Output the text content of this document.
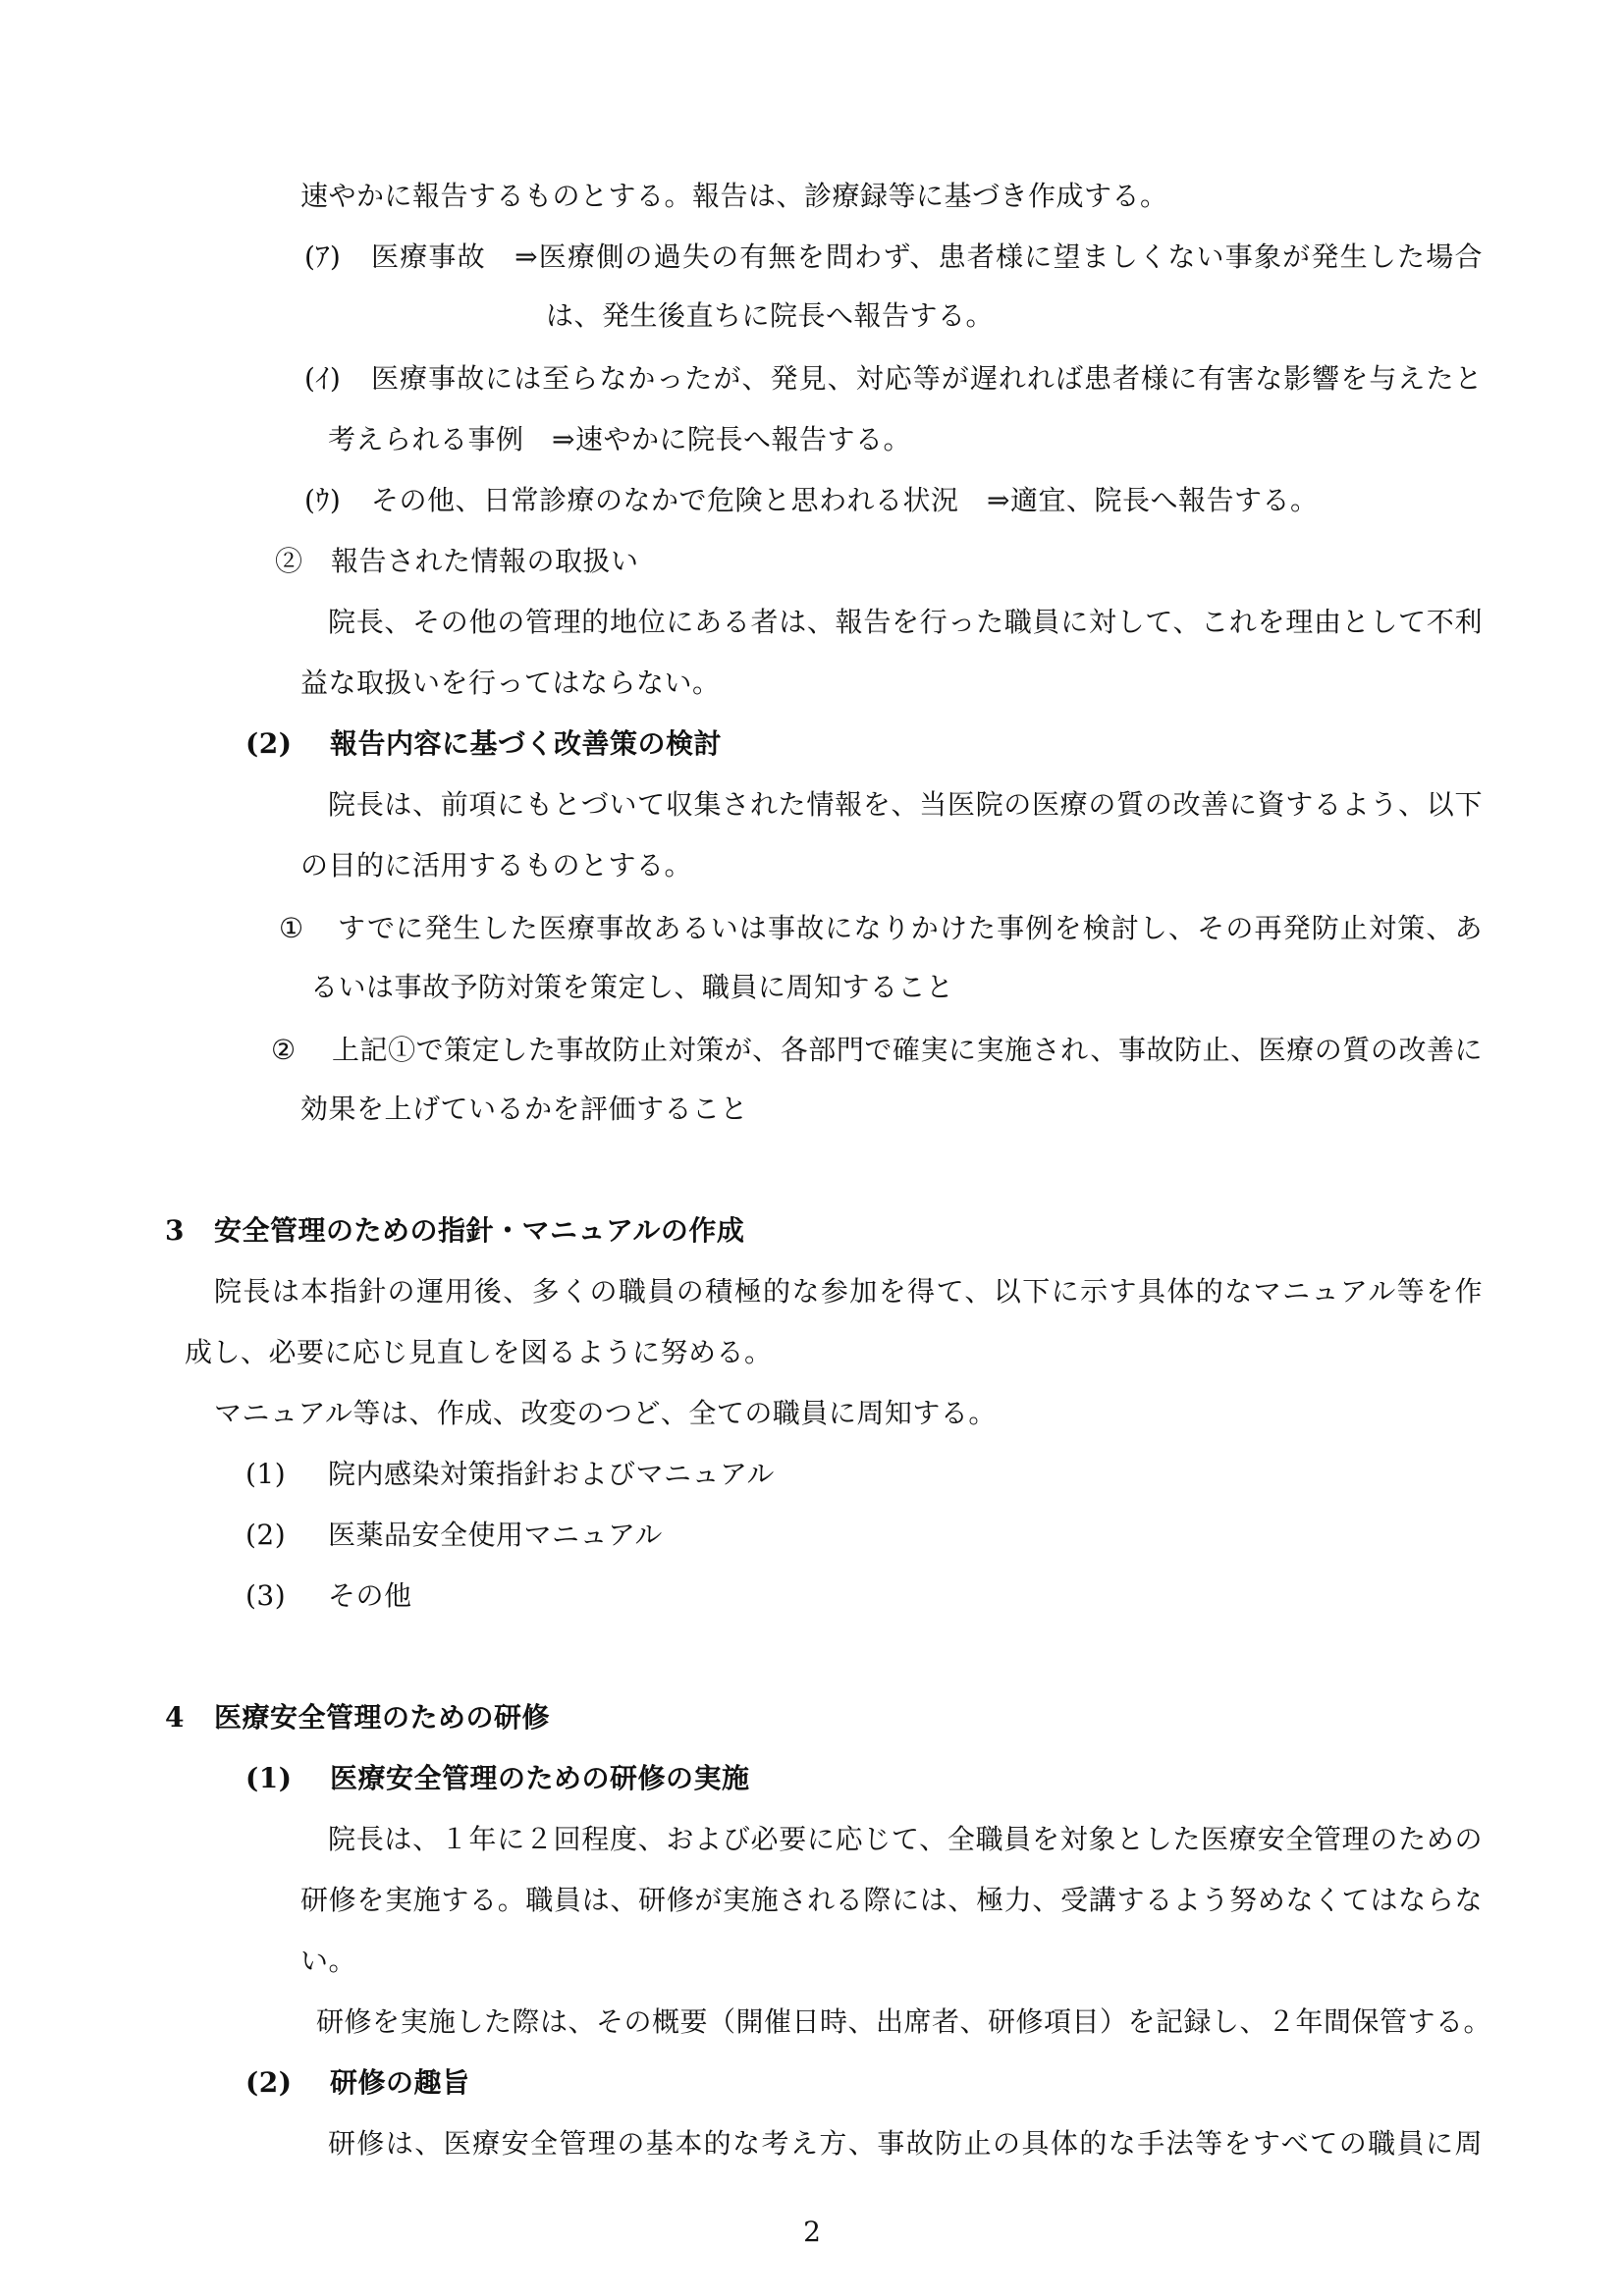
速やかに報告するものとする。報告は、診療録等に基づき作成する。
(ｱ) 医療事故　⇒医療側の過失の有無を問わず、患者様に望ましくない事象が発生した場合
は、発生後直ちに院長へ報告する。
(ｲ) 医療事故には至らなかったが、発見、対応等が遅れれば患者様に有害な影響を与えたと
考えられる事例　⇒速やかに院長へ報告する。
(ｳ) その他、日常診療のなかで危険と思われる状況　⇒適宜、院長へ報告する。
②　報告された情報の取扱い
院長、その他の管理的地位にある者は、報告を行った職員に対して、これを理由として不利
益な取扱いを行ってはならない。
(2) 報告内容に基づく改善策の検討
院長は、前項にもとづいて収集された情報を、当医院の医療の質の改善に資するよう、以下
の目的に活用するものとする。
① すでに発生した医療事故あるいは事故になりかけた事例を検討し、その再発防止対策、あ
るいは事故予防対策を策定し、職員に周知すること
② 上記①で策定した事故防止対策が、各部門で確実に実施され、事故防止、医療の質の改善に
効果を上げているかを評価すること
3 安全管理のための指針・マニュアルの作成
院長は本指針の運用後、多くの職員の積極的な参加を得て、以下に示す具体的なマニュアル等を作
成し、必要に応じ見直しを図るように努める。
マニュアル等は、作成、改変のつど、全ての職員に周知する。
(1) 院内感染対策指針およびマニュアル
(2) 医薬品安全使用マニュアル
(3) その他
4 医療安全管理のための研修
(1) 医療安全管理のための研修の実施
院長は、１年に２回程度、および必要に応じて、全職員を対象とした医療安全管理のための
研修を実施する。職員は、研修が実施される際には、極力、受講するよう努めなくてはならな
い。
研修を実施した際は、その概要（開催日時、出席者、研修項目）を記録し、２年間保管する。
(2) 研修の趣旨
研修は、医療安全管理の基本的な考え方、事故防止の具体的な手法等をすべての職員に周
2
